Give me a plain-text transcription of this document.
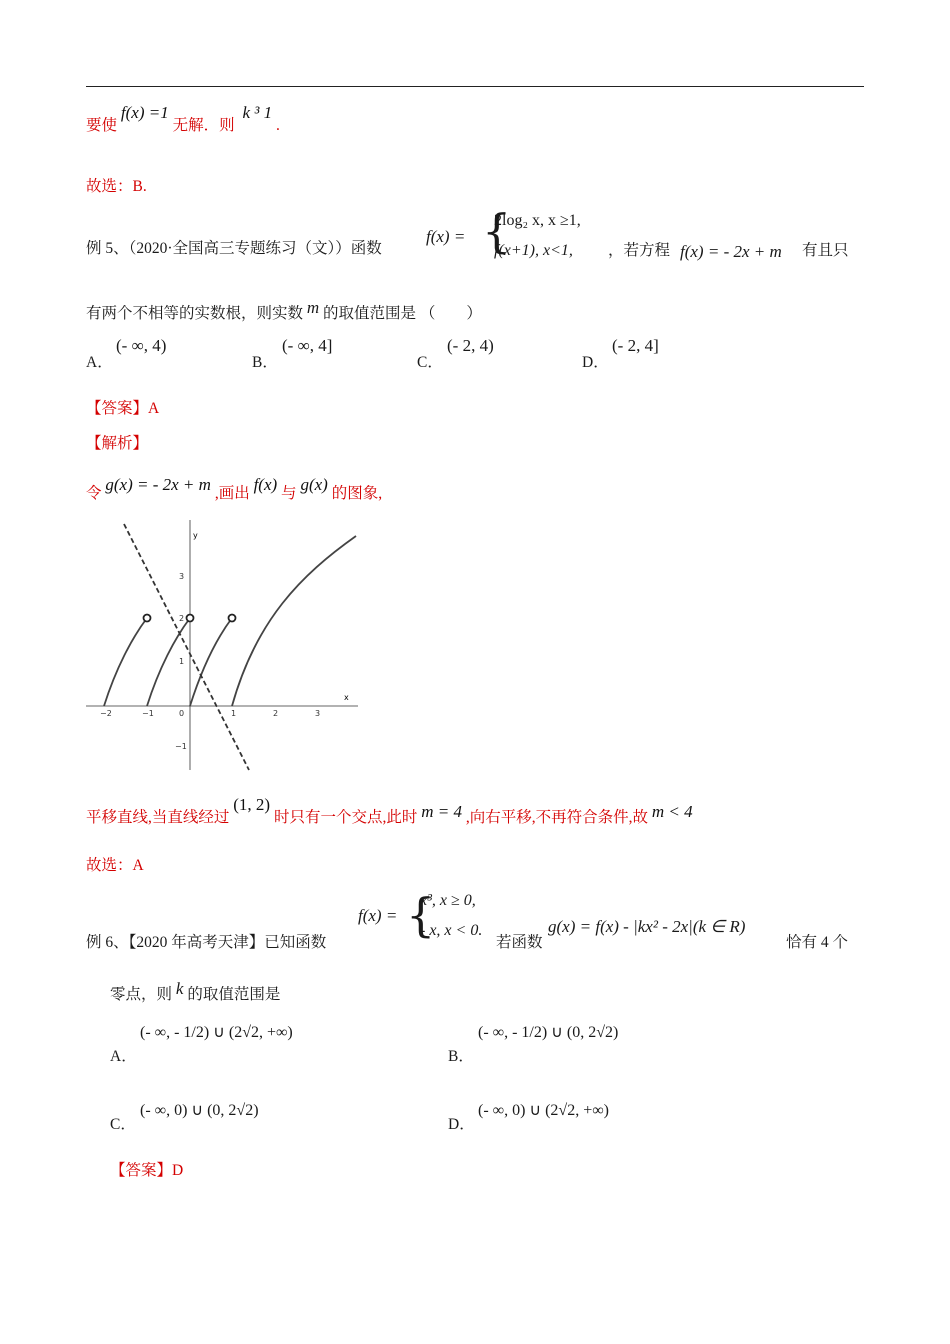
要使 f(x) =1 无解．则 k ³ 1 .
故选：B.
例 5、（2020·全国高三专题练习（文））函数
f(x) = {
2log₂ x, x ≥1,
f(x+1), x<1, ，若方程 f(x) = - 2x + m 有且只
有两个不相等的实数根，则实数 m 的取值范围是 （　　）
A．
(- ∞, 4)
B．
(- ∞, 4]
C．
(- 2, 4)
D．
(- 2, 4]
【答案】A
【解析】
令 g(x) = - 2x + m ,画出 f(x) 与 g(x) 的图象,
x
y
−2	−1	0	1	2	3
3
2
1
−1
平移直线,当直线经过 (1, 2) 时只有一个交点,此时 m = 4 ,向右平移,不再符合条件,故 m < 4
故选：A
例 6、【2020 年高考天津】已知函数
f(x) = {
x³, x ≥ 0,
- x, x < 0.
若函数
g(x) = f(x) - |kx² - 2x|(k ∈ R)
恰有 4 个
零点，则 k 的取值范围是
A．
(- ∞, - 1/2) ∪ (2√2, +∞)
B．
(- ∞, - 1/2) ∪ (0, 2√2)
C．
(- ∞, 0) ∪ (0, 2√2)
D．
(- ∞, 0) ∪ (2√2, +∞)
【答案】D
